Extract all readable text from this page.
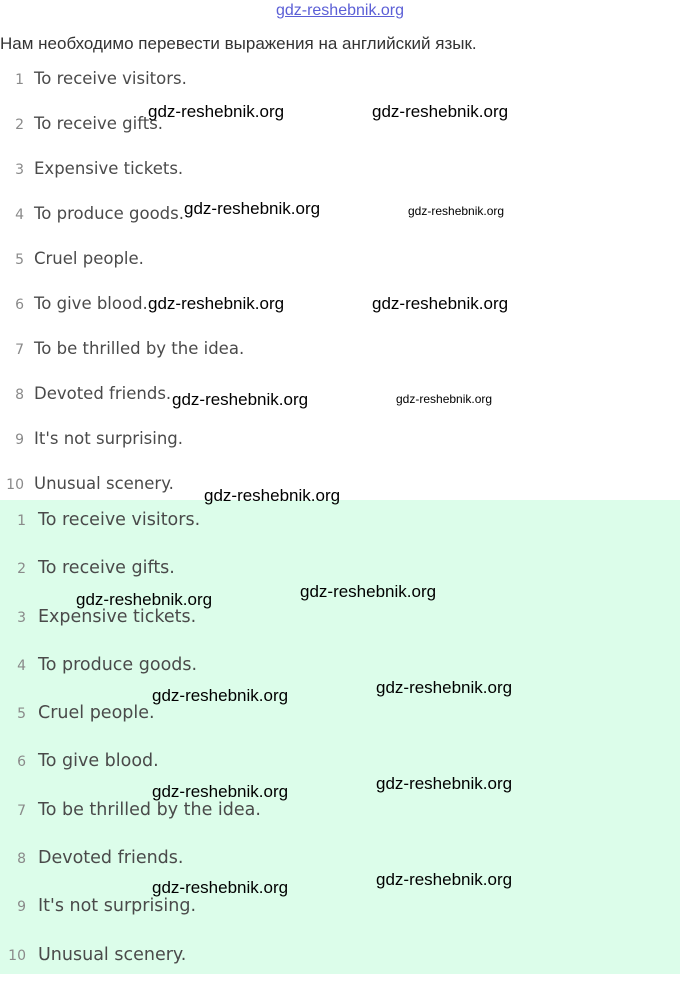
gdz-reshebnik.org
Нам необходимо перевести выражения на английский язык.
1 To receive visitors.
2 To receive gifts.
3 Expensive tickets.
4 To produce goods.
5 Cruel people.
6 To give blood.
7 To be thrilled by the idea.
8 Devoted friends.
9 It's not surprising.
10 Unusual scenery.
1 To receive visitors.
2 To receive gifts.
3 Expensive tickets.
4 To produce goods.
5 Cruel people.
6 To give blood.
7 To be thrilled by the idea.
8 Devoted friends.
9 It's not surprising.
10 Unusual scenery.
gdz-reshebnik.org	gdz-reshebnik.org
gdz-reshebnik.org	gdz-reshebnik.org
gdz-reshebnik.org	gdz-reshebnik.org
gdz-reshebnik.org	gdz-reshebnik.org
gdz-reshebnik.org
gdz-reshebnik.org	gdz-reshebnik.org
gdz-reshebnik.org	gdz-reshebnik.org
gdz-reshebnik.org	gdz-reshebnik.org
gdz-reshebnik.org	gdz-reshebnik.org
